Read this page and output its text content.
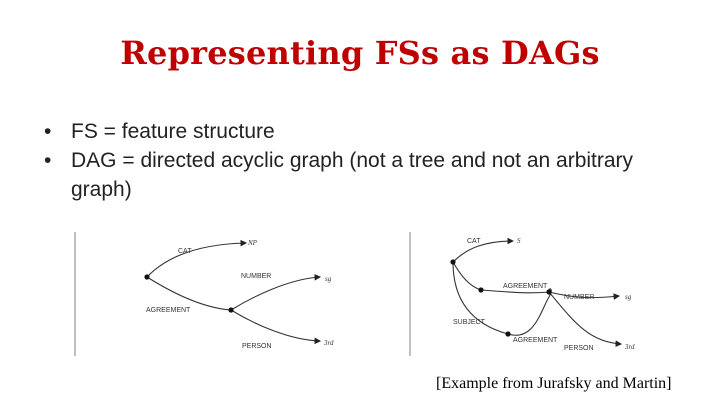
Representing FSs as DAGs
• FS = feature structure
• DAG = directed acyclic graph (not a tree and not an arbitrary graph)
CAT
NP
AGREEMENT
NUMBER	sg
PERSON	3rd
CAT	S
AGREEMENT
SUBJECT
AGREEMENT
NUMBER	sg
PERSON	3rd
[Example from Jurafsky and Martin]
